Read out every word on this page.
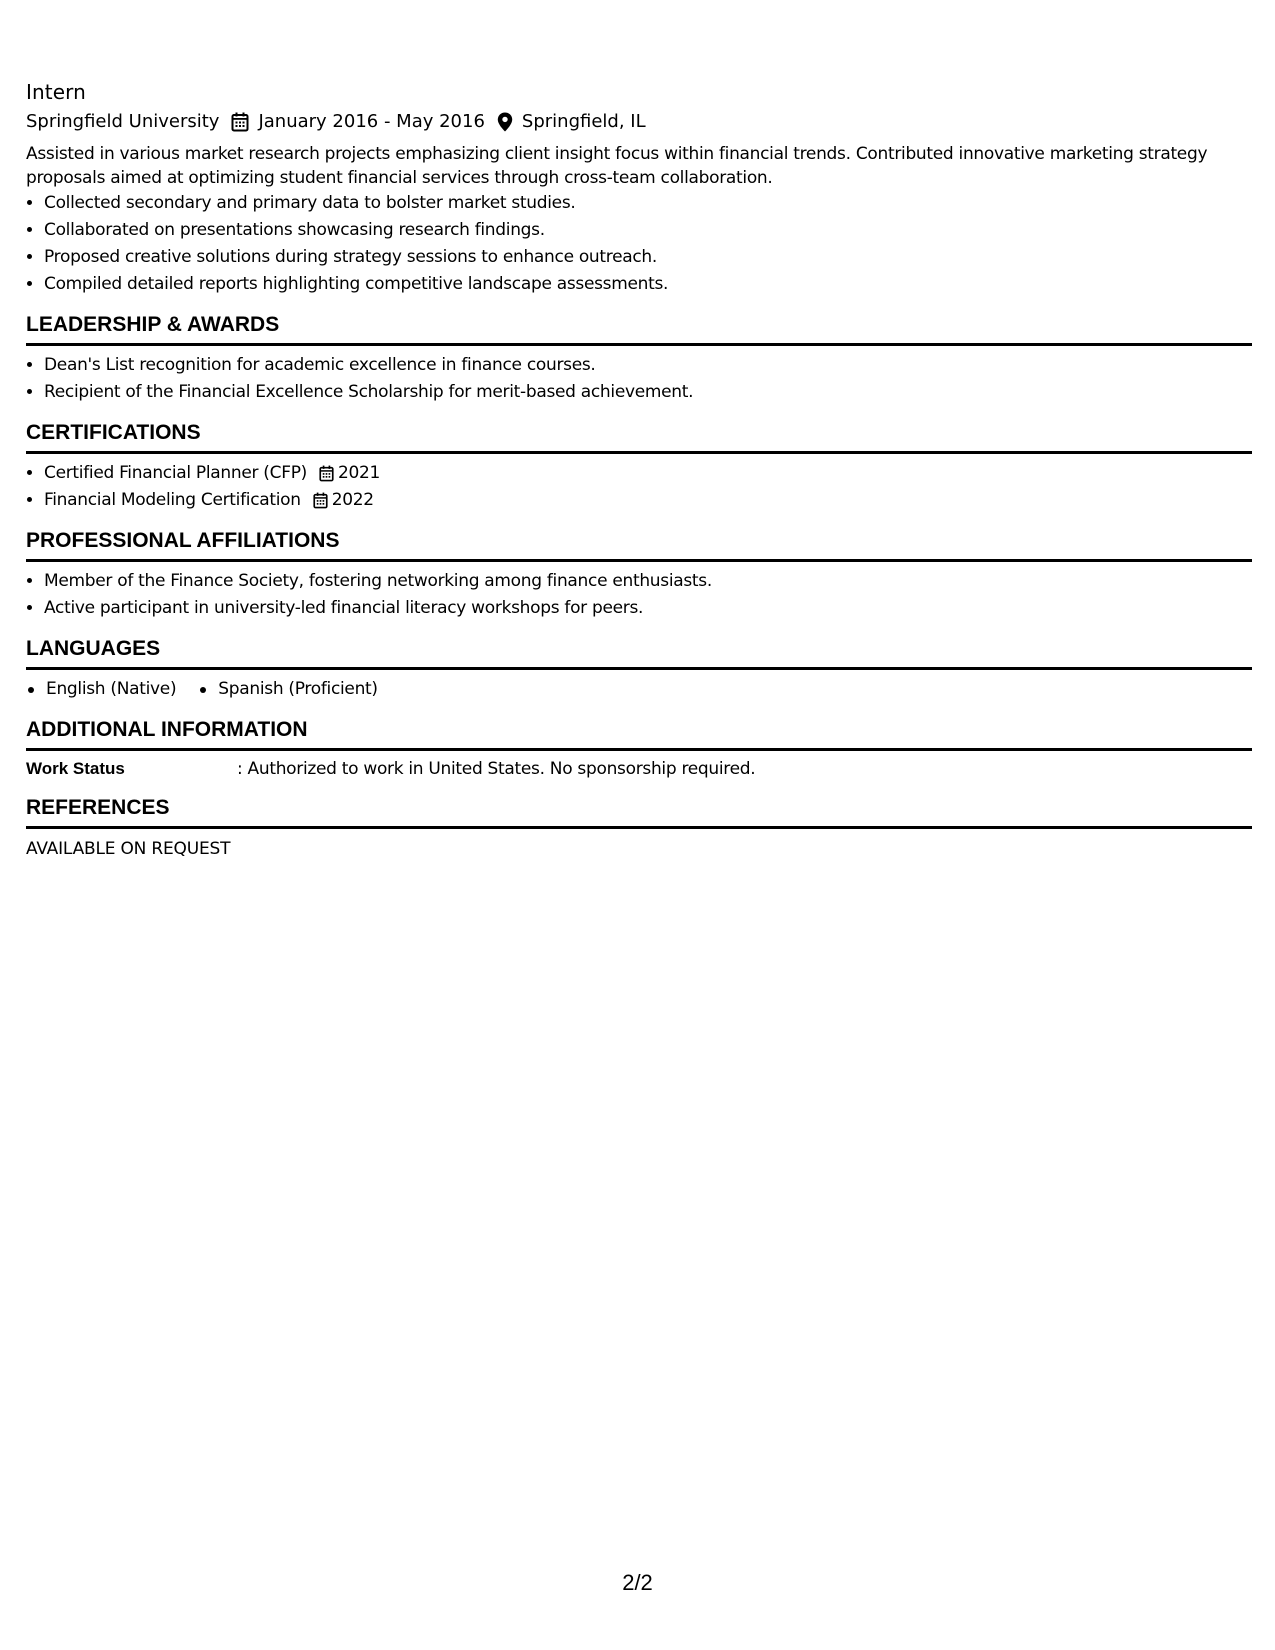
Intern
Springfield University January 2016 - May 2016 Springfield, IL
Assisted in various market research projects emphasizing client insight focus within financial trends. Contributed innovative marketing strategy proposals aimed at optimizing student financial services through cross-team collaboration.
• Collected secondary and primary data to bolster market studies.
• Collaborated on presentations showcasing research findings.
• Proposed creative solutions during strategy sessions to enhance outreach.
• Compiled detailed reports highlighting competitive landscape assessments.
LEADERSHIP & AWARDS
• Dean's List recognition for academic excellence in finance courses.
• Recipient of the Financial Excellence Scholarship for merit-based achievement.
CERTIFICATIONS
• Certified Financial Planner (CFP) 2021
• Financial Modeling Certification 2022
PROFESSIONAL AFFILIATIONS
• Member of the Finance Society, fostering networking among finance enthusiasts.
• Active participant in university-led financial literacy workshops for peers.
LANGUAGES
English (Native)	Spanish (Proficient)
ADDITIONAL INFORMATION
Work Status	: Authorized to work in United States. No sponsorship required.
REFERENCES
AVAILABLE ON REQUEST
2/2
